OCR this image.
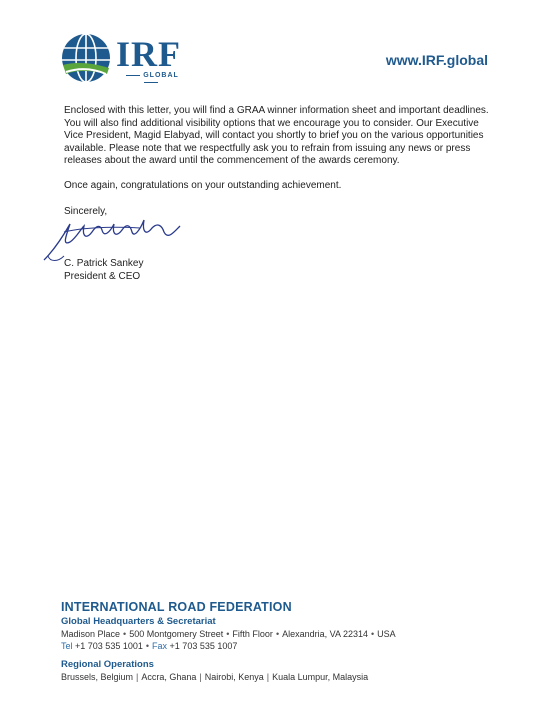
IRF
GLOBAL
www.IRF.global

Enclosed with this letter, you will find a GRAA winner information sheet and important deadlines. You will also find additional visibility options that we encourage you to consider. Our Executive Vice President, Magid Elabyad, will contact you shortly to brief you on the various opportunities available. Please note that we respectfully ask you to refrain from issuing any news or press releases about the award until the commencement of the awards ceremony.

Once again, congratulations on your outstanding achievement.

Sincerely,
C. Patrick Sankey
President & CEO
INTERNATIONAL ROAD FEDERATION
Global Headquarters & Secretariat
Madison Place • 500 Montgomery Street • Fifth Floor • Alexandria, VA 22314 • USA
Tel +1 703 535 1001 • Fax +1 703 535 1007
Regional Operations
Brussels, Belgium | Accra, Ghana | Nairobi, Kenya | Kuala Lumpur, Malaysia
